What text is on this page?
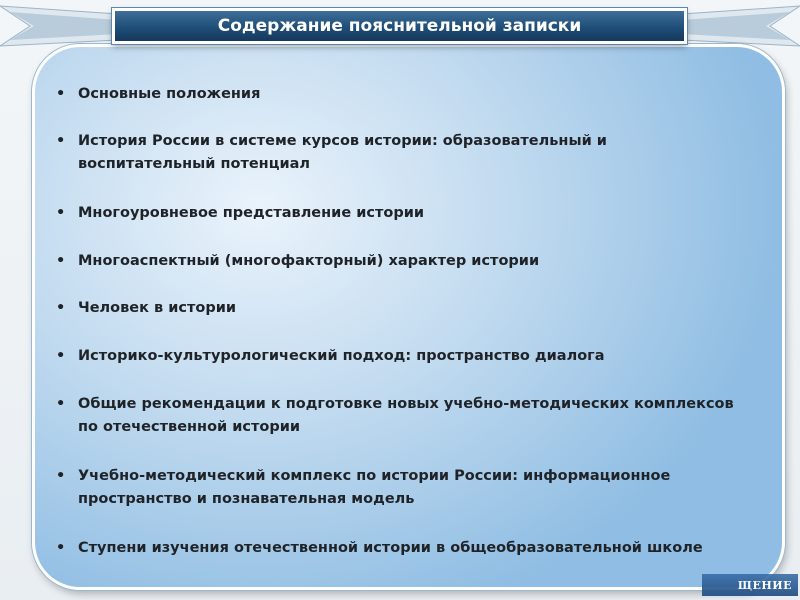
Содержание пояснительной записки
• Основные положения
• История России в системе курсов истории: образовательный и воспитательный потенциал
• Многоуровневое представление истории
• Многоаспектный (многофакторный) характер истории
• Человек в истории
• Историко-культурологический подход: пространство диалога
• Общие рекомендации к подготовке новых учебно-методических комплексов по отечественной истории
• Учебно-методический комплекс по истории России: информационное пространство и познавательная модель
• Ступени изучения отечественной истории в общеобразовательной школе
ЩЕНИЕ
